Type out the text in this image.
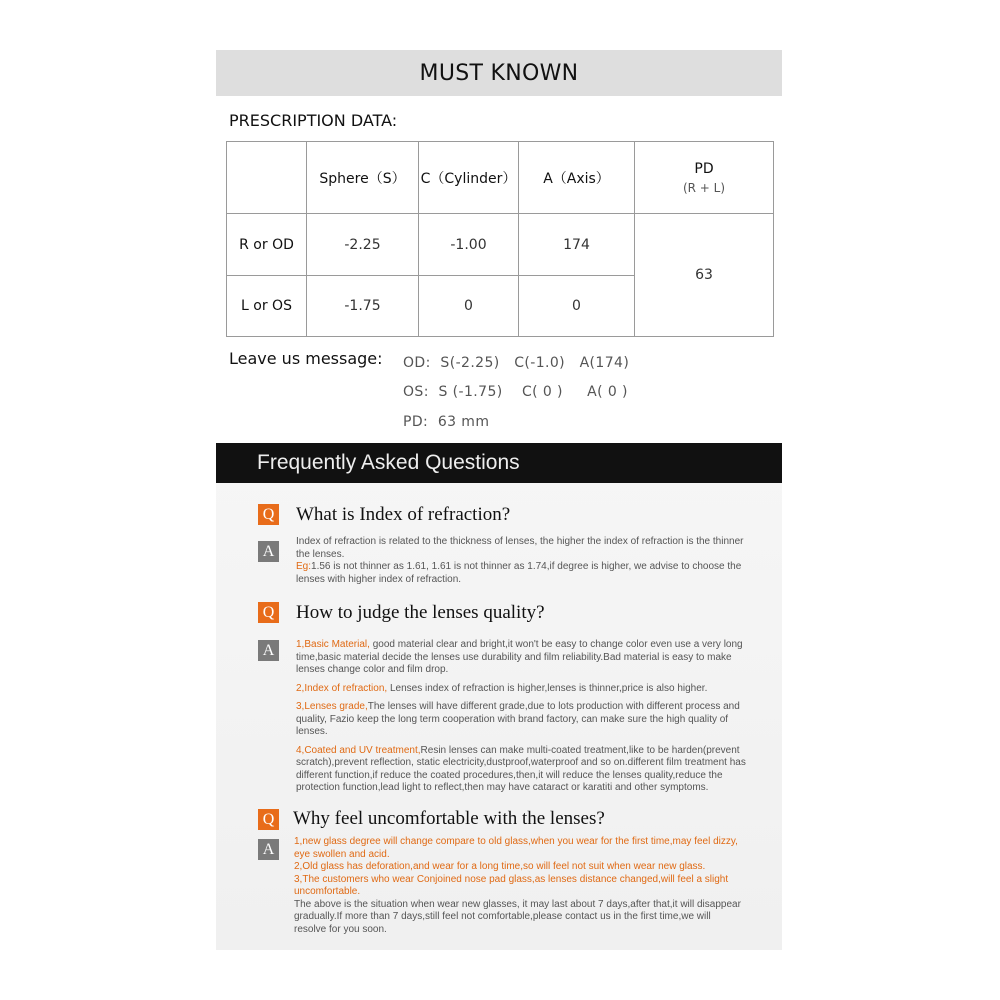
MUST KNOWN
PRESCRIPTION DATA:
	Sphere（S）	C（Cylinder）	A（Axis）	PD
(R + L)

R or OD	-2.25	-1.00	174	63
L or OS	-1.75	0	0	
Leave us message: OD:  S(-2.25)   C(-1.0)   A(174)
OS:  S (-1.75)    C( 0 )     A( 0 )
PD:  63 mm
Frequently Asked Questions
Q What is Index of refraction?
A

Index of refraction is related to the thickness of lenses, the higher the index of refraction is the thinner the lenses.

Eg:1.56 is not thinner as 1.61, 1.61 is not thinner as 1.74,if degree is higher, we advise to choose the lenses with higher index of refraction.

Q How to judge the lenses quality?
A	1,Basic Material, good material clear and bright,it won't be easy to change color even use a very long time,basic material decide the lenses use durability and film reliability.Bad material is easy to make lenses change color and film drop.

2,Index of refraction, Lenses index of refraction is higher,lenses is thinner,price is also higher.

3,Lenses grade,The lenses will have different grade,due to lots production with different process and quality, Fazio keep the long term cooperation with brand factory, can make sure the high quality of lenses.

4,Coated and UV treatment,Resin lenses can make multi-coated treatment,like to be harden(prevent scratch),prevent reflection, static electricity,dustproof,waterproof and so on.different film treatment has different function,if reduce the coated procedures,then,it will reduce the lenses quality,reduce the protection function,lead light to reflect,then may have cataract or karatiti and other symptoms.

Q Why feel uncomfortable with the lenses?
A	1,new glass degree will change compare to old glass,when you wear for the first time,may feel dizzy, eye swollen and acid.

2,Old glass has deforation,and wear for a long time,so will feel not suit when wear new glass.

3,The customers who wear Conjoined nose pad glass,as lenses distance changed,will feel a slight uncomfortable.

The above is the situation when wear new glasses, it may last about 7 days,after that,it will disappear gradually.If more than 7 days,still feel not comfortable,please contact us in the first time,we will resolve for you soon.
